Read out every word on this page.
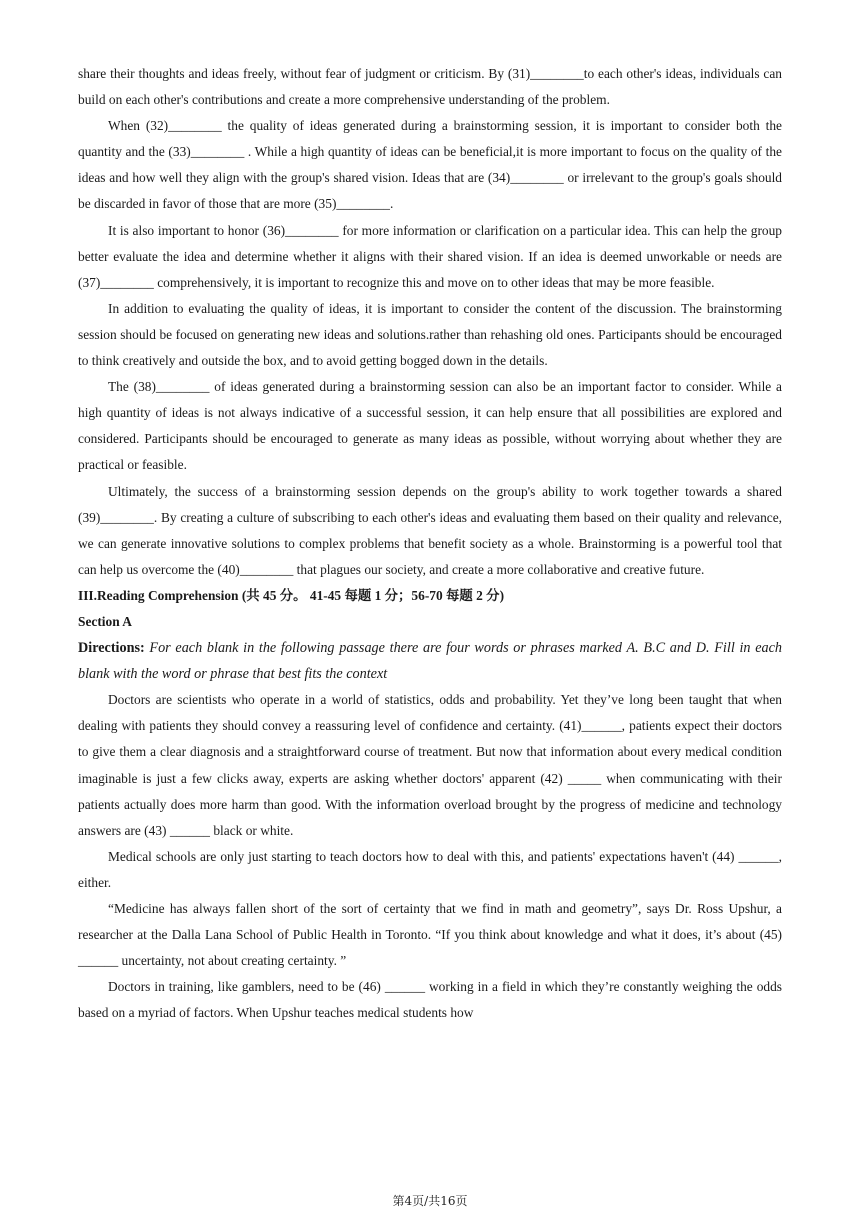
share their thoughts and ideas freely, without fear of judgment or criticism. By (31)________to each other's ideas, individuals can build on each other's contributions and create a more comprehensive understanding of the problem.

When (32)________ the quality of ideas generated during a brainstorming session, it is important to consider both the quantity and the (33)________ . While a high quantity of ideas can be beneficial,it is more important to focus on the quality of the ideas and how well they align with the group's shared vision. Ideas that are (34)________ or irrelevant to the group's goals should be discarded in favor of those that are more (35)________.

It is also important to honor (36)________ for more information or clarification on a particular idea. This can help the group better evaluate the idea and determine whether it aligns with their shared vision. If an idea is deemed unworkable or needs are (37)________ comprehensively, it is important to recognize this and move on to other ideas that may be more feasible.

In addition to evaluating the quality of ideas, it is important to consider the content of the discussion. The brainstorming session should be focused on generating new ideas and solutions.rather than rehashing old ones. Participants should be encouraged to think creatively and outside the box, and to avoid getting bogged down in the details.

The (38)________ of ideas generated during a brainstorming session can also be an important factor to consider. While a high quantity of ideas is not always indicative of a successful session, it can help ensure that all possibilities are explored and considered. Participants should be encouraged to generate as many ideas as possible, without worrying about whether they are practical or feasible.

Ultimately, the success of a brainstorming session depends on the group's ability to work together towards a shared (39)________. By creating a culture of subscribing to each other's ideas and evaluating them based on their quality and relevance, we can generate innovative solutions to complex problems that benefit society as a whole. Brainstorming is a powerful tool that can help us overcome the (40)________ that plagues our society, and create a more collaborative and creative future.

III.Reading Comprehension (共 45 分。 41-45 每题 1 分；56-70 每题 2 分)

Section A

Directions: For each blank in the following passage there are four words or phrases marked A. B.C and D. Fill in each blank with the word or phrase that best fits the context

Doctors are scientists who operate in a world of statistics, odds and probability. Yet they’ve long been taught that when dealing with patients they should convey a reassuring level of confidence and certainty. (41)______, patients expect their doctors to give them a clear diagnosis and a straightforward course of treatment. But now that information about every medical condition imaginable is just a few clicks away, experts are asking whether doctors' apparent (42) _____ when communicating with their patients actually does more harm than good. With the information overload brought by the progress of medicine and technology answers are (43) ______ black or white.

Medical schools are only just starting to teach doctors how to deal with this, and patients' expectations haven't (44) ______, either.

“Medicine has always fallen short of the sort of certainty that we find in math and geometry”, says Dr. Ross Upshur, a researcher at the Dalla Lana School of Public Health in Toronto. “If you think about knowledge and what it does, it’s about (45) ______ uncertainty, not about creating certainty. ”

Doctors in training, like gamblers, need to be (46) ______ working in a field in which they’re constantly weighing the odds based on a myriad of factors. When Upshur teaches medical students how

第4页/共16页
